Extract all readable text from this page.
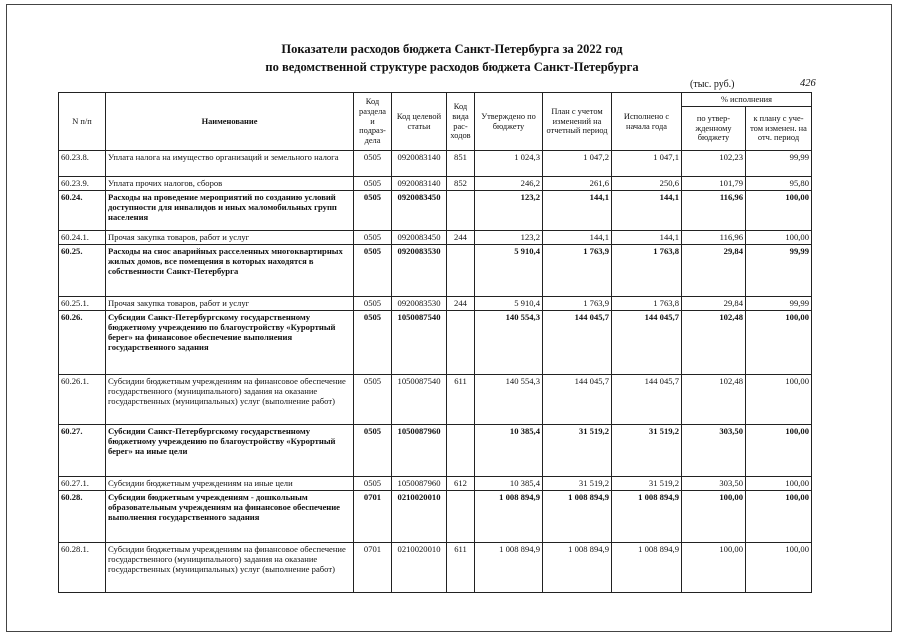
Показатели расходов бюджета Санкт-Петербурга за 2022 год
по ведомственной структуре расходов бюджета Санкт-Петербурга
(тыс. руб.)	426
N п/п	Наименование	Код раздела и подраз- дела	Код целевой статьи	Код вида рас- ходов	Утверждено по бюджету	План с учетом изменений на отчетный период	Исполнено с начала года	% исполнения	
								по утвер- жденному бюджету	к плану с уче- том изменен. на отч. период
60.23.8.	Уплата налога на имущество организаций и земельного налога	0505	0920083140	851	1 024,3	1 047,2	1 047,1	102,23	99,99
60.23.9.	Уплата прочих налогов, сборов	0505	0920083140	852	246,2	261,6	250,6	101,79	95,80
60.24.	Расходы на проведение мероприятий по созданию условий доступности для инвалидов и иных маломобильных групп населения	0505	0920083450		123,2	144,1	144,1	116,96	100,00
60.24.1.	Прочая закупка товаров, работ и услуг	0505	0920083450	244	123,2	144,1	144,1	116,96	100,00
60.25.	Расходы на снос аварийных расселенных многоквартирных жилых домов, все помещения в которых находятся в собственности Санкт-Петербурга	0505	0920083530		5 910,4	1 763,9	1 763,8	29,84	99,99
60.25.1.	Прочая закупка товаров, работ и услуг	0505	0920083530	244	5 910,4	1 763,9	1 763,8	29,84	99,99
60.26.	Субсидии Санкт-Петербургскому государственному бюджетному учреждению по благоустройству «Курортный берег» на финансовое обеспечение выполнения государственного задания	0505	1050087540		140 554,3	144 045,7	144 045,7	102,48	100,00
60.26.1.	Субсидии бюджетным учреждениям на финансовое обеспечение государственного (муниципального) задания на оказание государственных (муниципальных) услуг (выполнение работ)	0505	1050087540	611	140 554,3	144 045,7	144 045,7	102,48	100,00
60.27.	Субсидии Санкт-Петербургскому государственному бюджетному учреждению по благоустройству «Курортный берег» на иные цели	0505	1050087960		10 385,4	31 519,2	31 519,2	303,50	100,00
60.27.1.	Субсидии бюджетным учреждениям на иные цели	0505	1050087960	612	10 385,4	31 519,2	31 519,2	303,50	100,00
60.28.	Субсидии бюджетным учреждениям - дошкольным образовательным учреждениям на финансовое обеспечение выполнения государственного задания	0701	0210020010		1 008 894,9	1 008 894,9	1 008 894,9	100,00	100,00
60.28.1.	Субсидии бюджетным учреждениям на финансовое обеспечение государственного (муниципального) задания на оказание государственных (муниципальных) услуг (выполнение работ)	0701	0210020010	611	1 008 894,9	1 008 894,9	1 008 894,9	100,00	100,00
